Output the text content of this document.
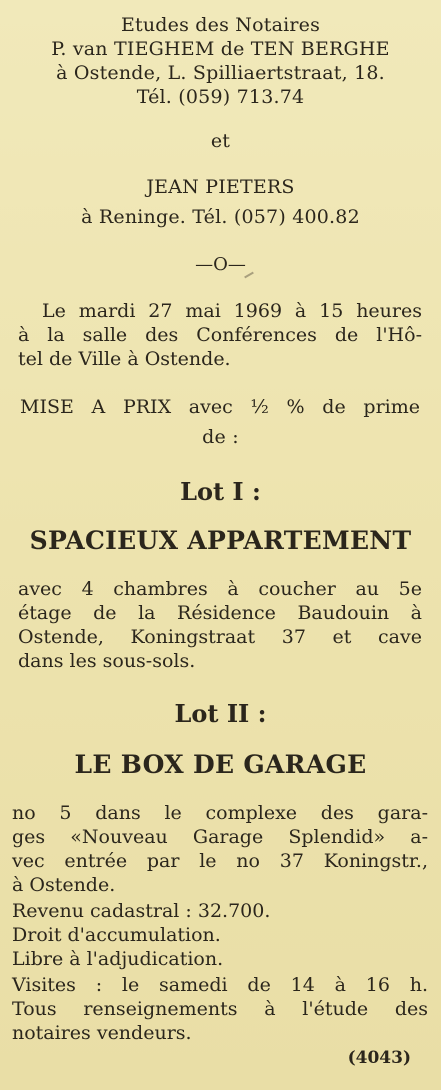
Etudes des Notaires
P. van TIEGHEM de TEN BERGHE
à Ostende, L. Spilliaertstraat, 18.
Tél. (059) 713.74
et
JEAN PIETERS
à Reninge. Tél. (057) 400.82
—O—
Le mardi 27 mai 1969 à 15 heures
à la salle des Conférences de l'Hô-
tel de Ville à Ostende.
MISE A PRIX avec ½ % de prime
de :
Lot I :
SPACIEUX APPARTEMENT
avec 4 chambres à coucher au 5e
étage de la Résidence Baudouin à
Ostende, Koningstraat 37 et cave
dans les sous-sols.
Lot II :
LE BOX DE GARAGE
no 5 dans le complexe des gara-
ges «Nouveau Garage Splendid» a-
vec entrée par le no 37 Koningstr.,
à Ostende.
Revenu cadastral : 32.700.
Droit d'accumulation.
Libre à l'adjudication.
Visites : le samedi de 14 à 16 h.
Tous renseignements à l'étude des
notaires vendeurs.
(4043)
